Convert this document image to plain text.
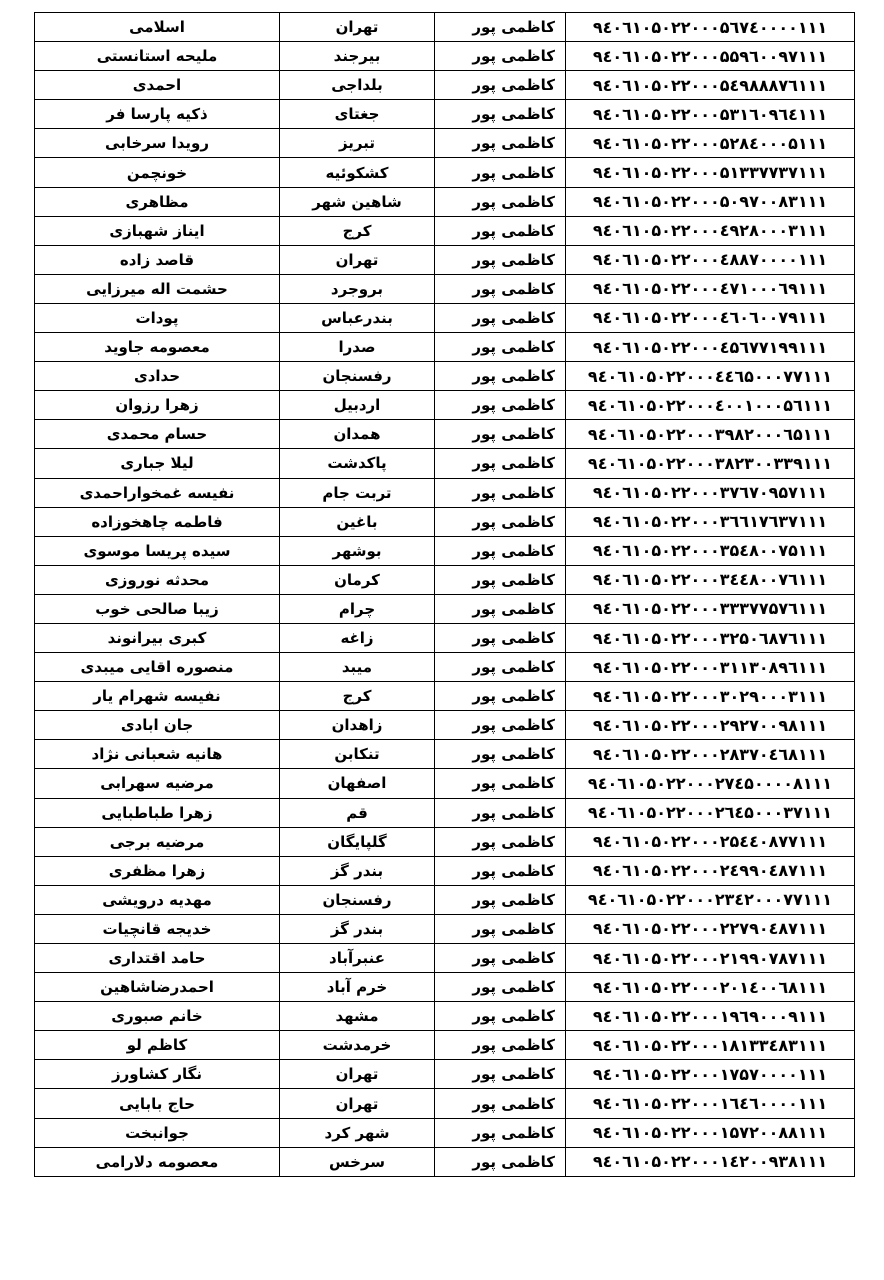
اسلامی	تهران	کاظمی پور	۹٤۰٦۱۰۵۰۲۲۰۰۰۵٦۷٤۰۰۰۰۱۱۱
ملیحه استانستی	بیرجند	کاظمی پور	۹٤۰٦۱۰۵۰۲۲۰۰۰۵۵۹٦۰۰۹۷۱۱۱
احمدی	بلداجی	کاظمی پور	۹٤۰٦۱۰۵۰۲۲۰۰۰۵٤۹۸۸۸۷٦۱۱۱
ذکیه پارسا فر	جغتای	کاظمی پور	۹٤۰٦۱۰۵۰۲۲۰۰۰۵۳۱٦۰۹٦٤۱۱۱
رویدا سرخابی	تبریز	کاظمی پور	۹٤۰٦۱۰۵۰۲۲۰۰۰۵۲۸٤۰۰۰۵۱۱۱
خونچمن	کشکوئیه	کاظمی پور	۹٤۰٦۱۰۵۰۲۲۰۰۰۵۱۳۳۷۷۳۷۱۱۱
مظاهری	شاهین شهر	کاظمی پور	۹٤۰٦۱۰۵۰۲۲۰۰۰۵۰۹۷۰۰۸۳۱۱۱
ایناز شهبازی	کرج	کاظمی پور	۹٤۰٦۱۰۵۰۲۲۰۰۰٤۹۲۸۰۰۰۳۱۱۱
قاصد زاده	تهران	کاظمی پور	۹٤۰٦۱۰۵۰۲۲۰۰۰٤۸۸۷۰۰۰۰۱۱۱
حشمت اله میرزایی	بروجرد	کاظمی پور	۹٤۰٦۱۰۵۰۲۲۰۰۰٤۷۱۰۰۰٦۹۱۱۱
پودات	بندرعباس	کاظمی پور	۹٤۰٦۱۰۵۰۲۲۰۰۰٤٦۰٦۰۰۷۹۱۱۱
معصومه جاوید	صدرا	کاظمی پور	۹٤۰٦۱۰۵۰۲۲۰۰۰٤۵٦۷۷۱۹۹۱۱۱
حدادی	رفسنجان	کاظمی پور	۹٤۰٦۱۰۵۰۲۲۰۰۰٤٤٦۵۰۰۰۷۷۱۱۱
زهرا رزوان	اردبیل	کاظمی پور	۹٤۰٦۱۰۵۰۲۲۰۰۰٤۰۰۱۰۰۰۵٦۱۱۱
حسام محمدی	همدان	کاظمی پور	۹٤۰٦۱۰۵۰۲۲۰۰۰۳۹۸۲۰۰۰٦۵۱۱۱
لیلا جباری	پاکدشت	کاظمی پور	۹٤۰٦۱۰۵۰۲۲۰۰۰۳۸۲۳۰۰۳۳۹۱۱۱
نفیسه غمخواراحمدی	تربت جام	کاظمی پور	۹٤۰٦۱۰۵۰۲۲۰۰۰۳۷٦۷۰۹۵۷۱۱۱
فاطمه چاهخوزاده	باغین	کاظمی پور	۹٤۰٦۱۰۵۰۲۲۰۰۰۳٦٦۱۷٦۳۷۱۱۱
سیده پریسا موسوی	بوشهر	کاظمی پور	۹٤۰٦۱۰۵۰۲۲۰۰۰۳۵٤۸۰۰۷۵۱۱۱
محدثه نوروزی	کرمان	کاظمی پور	۹٤۰٦۱۰۵۰۲۲۰۰۰۳٤٤۸۰۰۷٦۱۱۱
زیبا صالحی خوب	چرام	کاظمی پور	۹٤۰٦۱۰۵۰۲۲۰۰۰۳۳۳۷۷۵۷٦۱۱۱
کبری بیرانوند	زاغه	کاظمی پور	۹٤۰٦۱۰۵۰۲۲۰۰۰۳۲۵۰٦۸۷٦۱۱۱
منصوره اقایی میبدی	میبد	کاظمی پور	۹٤۰٦۱۰۵۰۲۲۰۰۰۳۱۱۳۰۸۹٦۱۱۱
نفیسه شهرام یار	کرج	کاظمی پور	۹٤۰٦۱۰۵۰۲۲۰۰۰۳۰۲۹۰۰۰۳۱۱۱
جان ابادی	زاهدان	کاظمی پور	۹٤۰٦۱۰۵۰۲۲۰۰۰۲۹۲۷۰۰۹۸۱۱۱
هانیه شعبانی نژاد	تنکابن	کاظمی پور	۹٤۰٦۱۰۵۰۲۲۰۰۰۲۸۳۷۰٤٦۸۱۱۱
مرضیه سهرابی	اصفهان	کاظمی پور	۹٤۰٦۱۰۵۰۲۲۰۰۰۲۷٤۵۰۰۰۰۸۱۱۱
زهرا طباطبایی	قم	کاظمی پور	۹٤۰٦۱۰۵۰۲۲۰۰۰۲٦٤۵۰۰۰۳۷۱۱۱
مرضیه برجی	گلپایگان	کاظمی پور	۹٤۰٦۱۰۵۰۲۲۰۰۰۲۵٤٤۰۸۷۷۱۱۱
زهرا مظفری	بندر گز	کاظمی پور	۹٤۰٦۱۰۵۰۲۲۰۰۰۲٤۹۹۰٤۸۷۱۱۱
مهدیه درویشی	رفسنجان	کاظمی پور	۹٤۰٦۱۰۵۰۲۲۰۰۰۲۳٤۲۰۰۰۷۷۱۱۱
خدیجه قانچیات	بندر گز	کاظمی پور	۹٤۰٦۱۰۵۰۲۲۰۰۰۲۲۷۹۰٤۸۷۱۱۱
حامد اقتداری	عنبرآباد	کاظمی پور	۹٤۰٦۱۰۵۰۲۲۰۰۰۲۱۹۹۰۷۸۷۱۱۱
احمدرضاشاهین	خرم آباد	کاظمی پور	۹٤۰٦۱۰۵۰۲۲۰۰۰۲۰۱٤۰۰٦۸۱۱۱
خانم صبوری	مشهد	کاظمی پور	۹٤۰٦۱۰۵۰۲۲۰۰۰۱۹٦۹۰۰۰۹۱۱۱
کاظم لو	خرمدشت	کاظمی پور	۹٤۰٦۱۰۵۰۲۲۰۰۰۱۸۱۳۳٤۸۳۱۱۱
نگار کشاورز	تهران	کاظمی پور	۹٤۰٦۱۰۵۰۲۲۰۰۰۱۷۵۷۰۰۰۰۱۱۱
حاج بابایی	تهران	کاظمی پور	۹٤۰٦۱۰۵۰۲۲۰۰۰۱٦٤٦۰۰۰۰۱۱۱
جوانبخت	شهر کرد	کاظمی پور	۹٤۰٦۱۰۵۰۲۲۰۰۰۱۵۷۲۰۰۸۸۱۱۱
معصومه دلارامی	سرخس	کاظمی پور	۹٤۰٦۱۰۵۰۲۲۰۰۰۱٤۲۰۰۹۳۸۱۱۱
